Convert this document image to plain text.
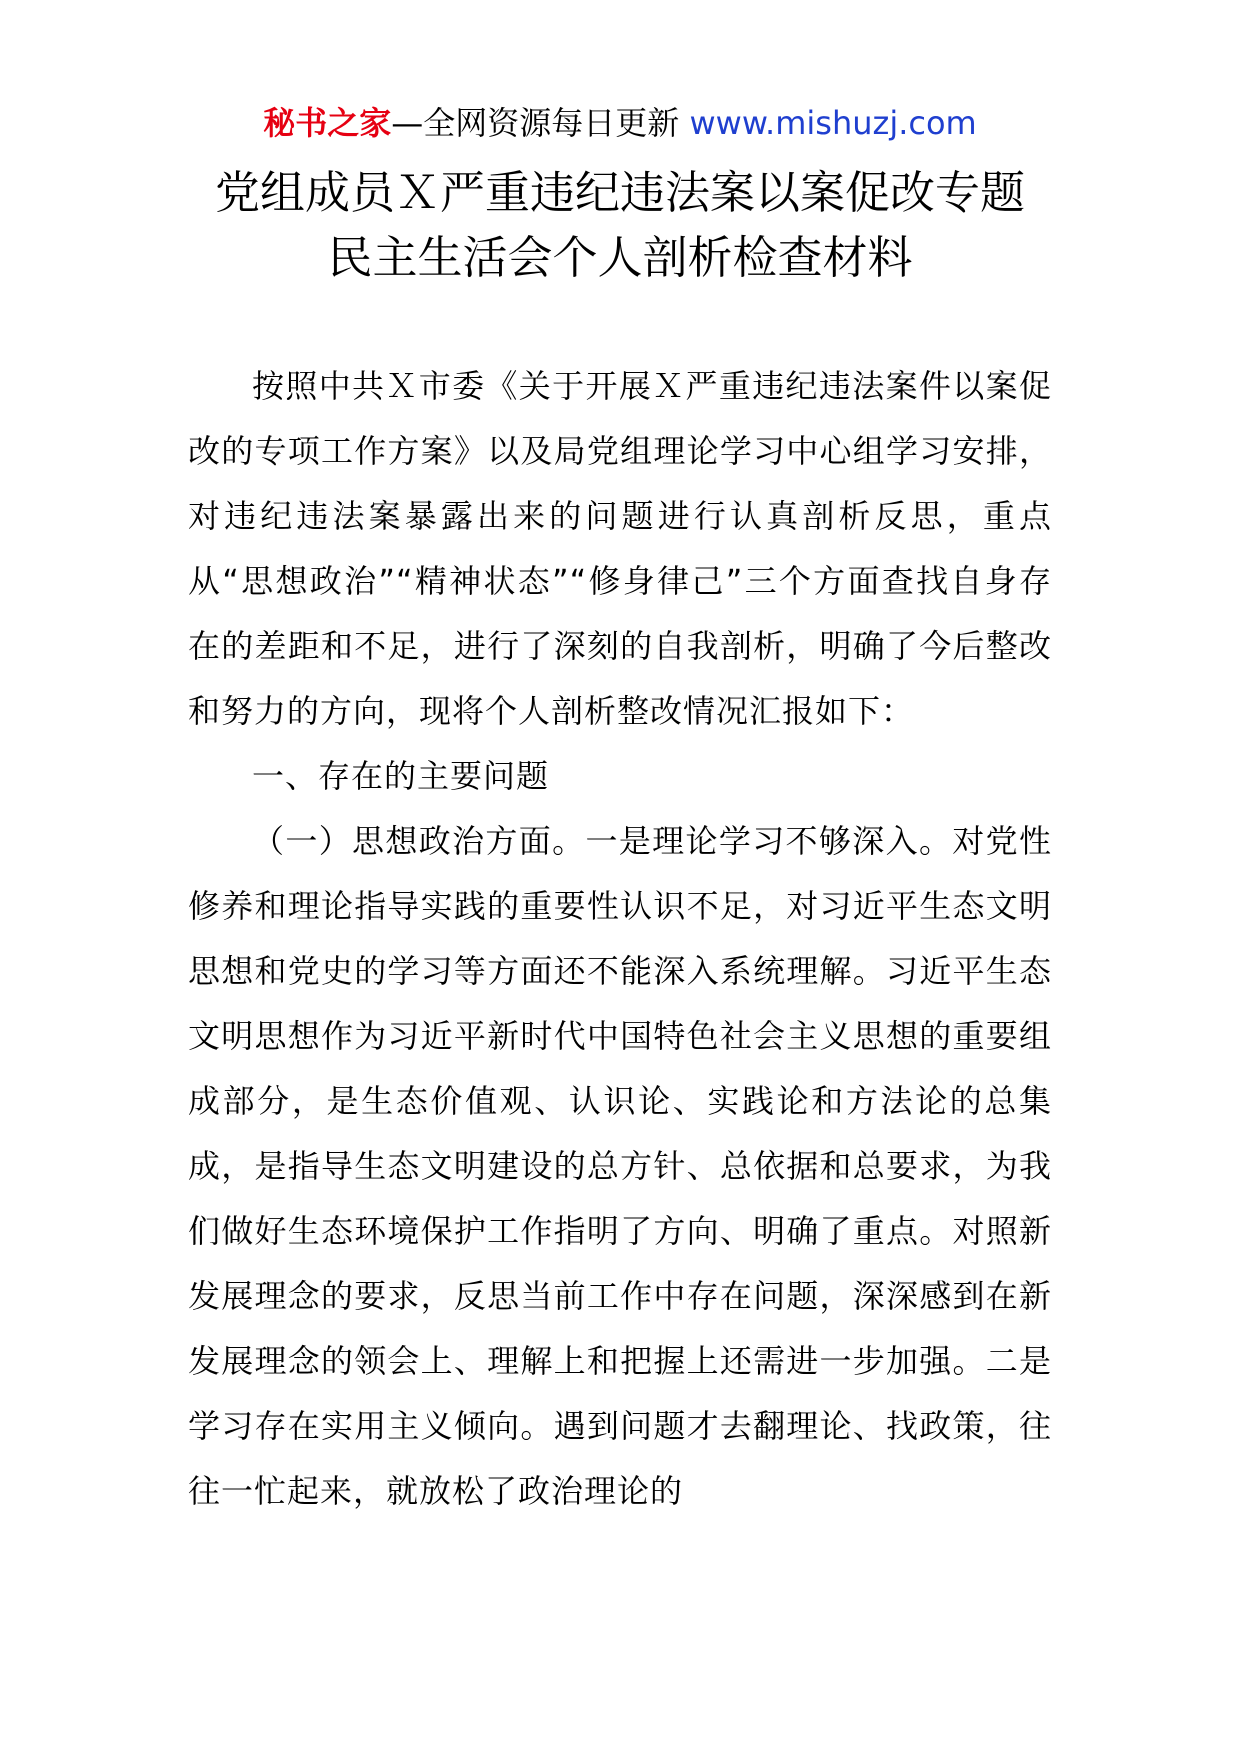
秘书之家—全网资源每日更新 www.mishuzj.com
党组成员Ｘ严重违纪违法案以案促改专题
民主生活会个人剖析检查材料

按照中共Ｘ市委《关于开展Ｘ严重违纪违法案件以案促改的专项工作方案》以及局党组理论学习中心组学习安排，对违纪违法案暴露出来的问题进行认真剖析反思，重点从“思想政治”“精神状态”“修身律己”三个方面查找自身存在的差距和不足，进行了深刻的自我剖析，明确了今后整改和努力的方向，现将个人剖析整改情况汇报如下：

一、存在的主要问题

（一）思想政治方面。一是理论学习不够深入。对党性修养和理论指导实践的重要性认识不足，对习近平生态文明思想和党史的学习等方面还不能深入系统理解。习近平生态文明思想作为习近平新时代中国特色社会主义思想的重要组成部分，是生态价值观、认识论、实践论和方法论的总集成，是指导生态文明建设的总方针、总依据和总要求，为我们做好生态环境保护工作指明了方向、明确了重点。对照新发展理念的要求，反思当前工作中存在问题，深深感到在新发展理念的领会上、理解上和把握上还需进一步加强。二是学习存在实用主义倾向。遇到问题才去翻理论、找政策，往往一忙起来，就放松了政治理论的
